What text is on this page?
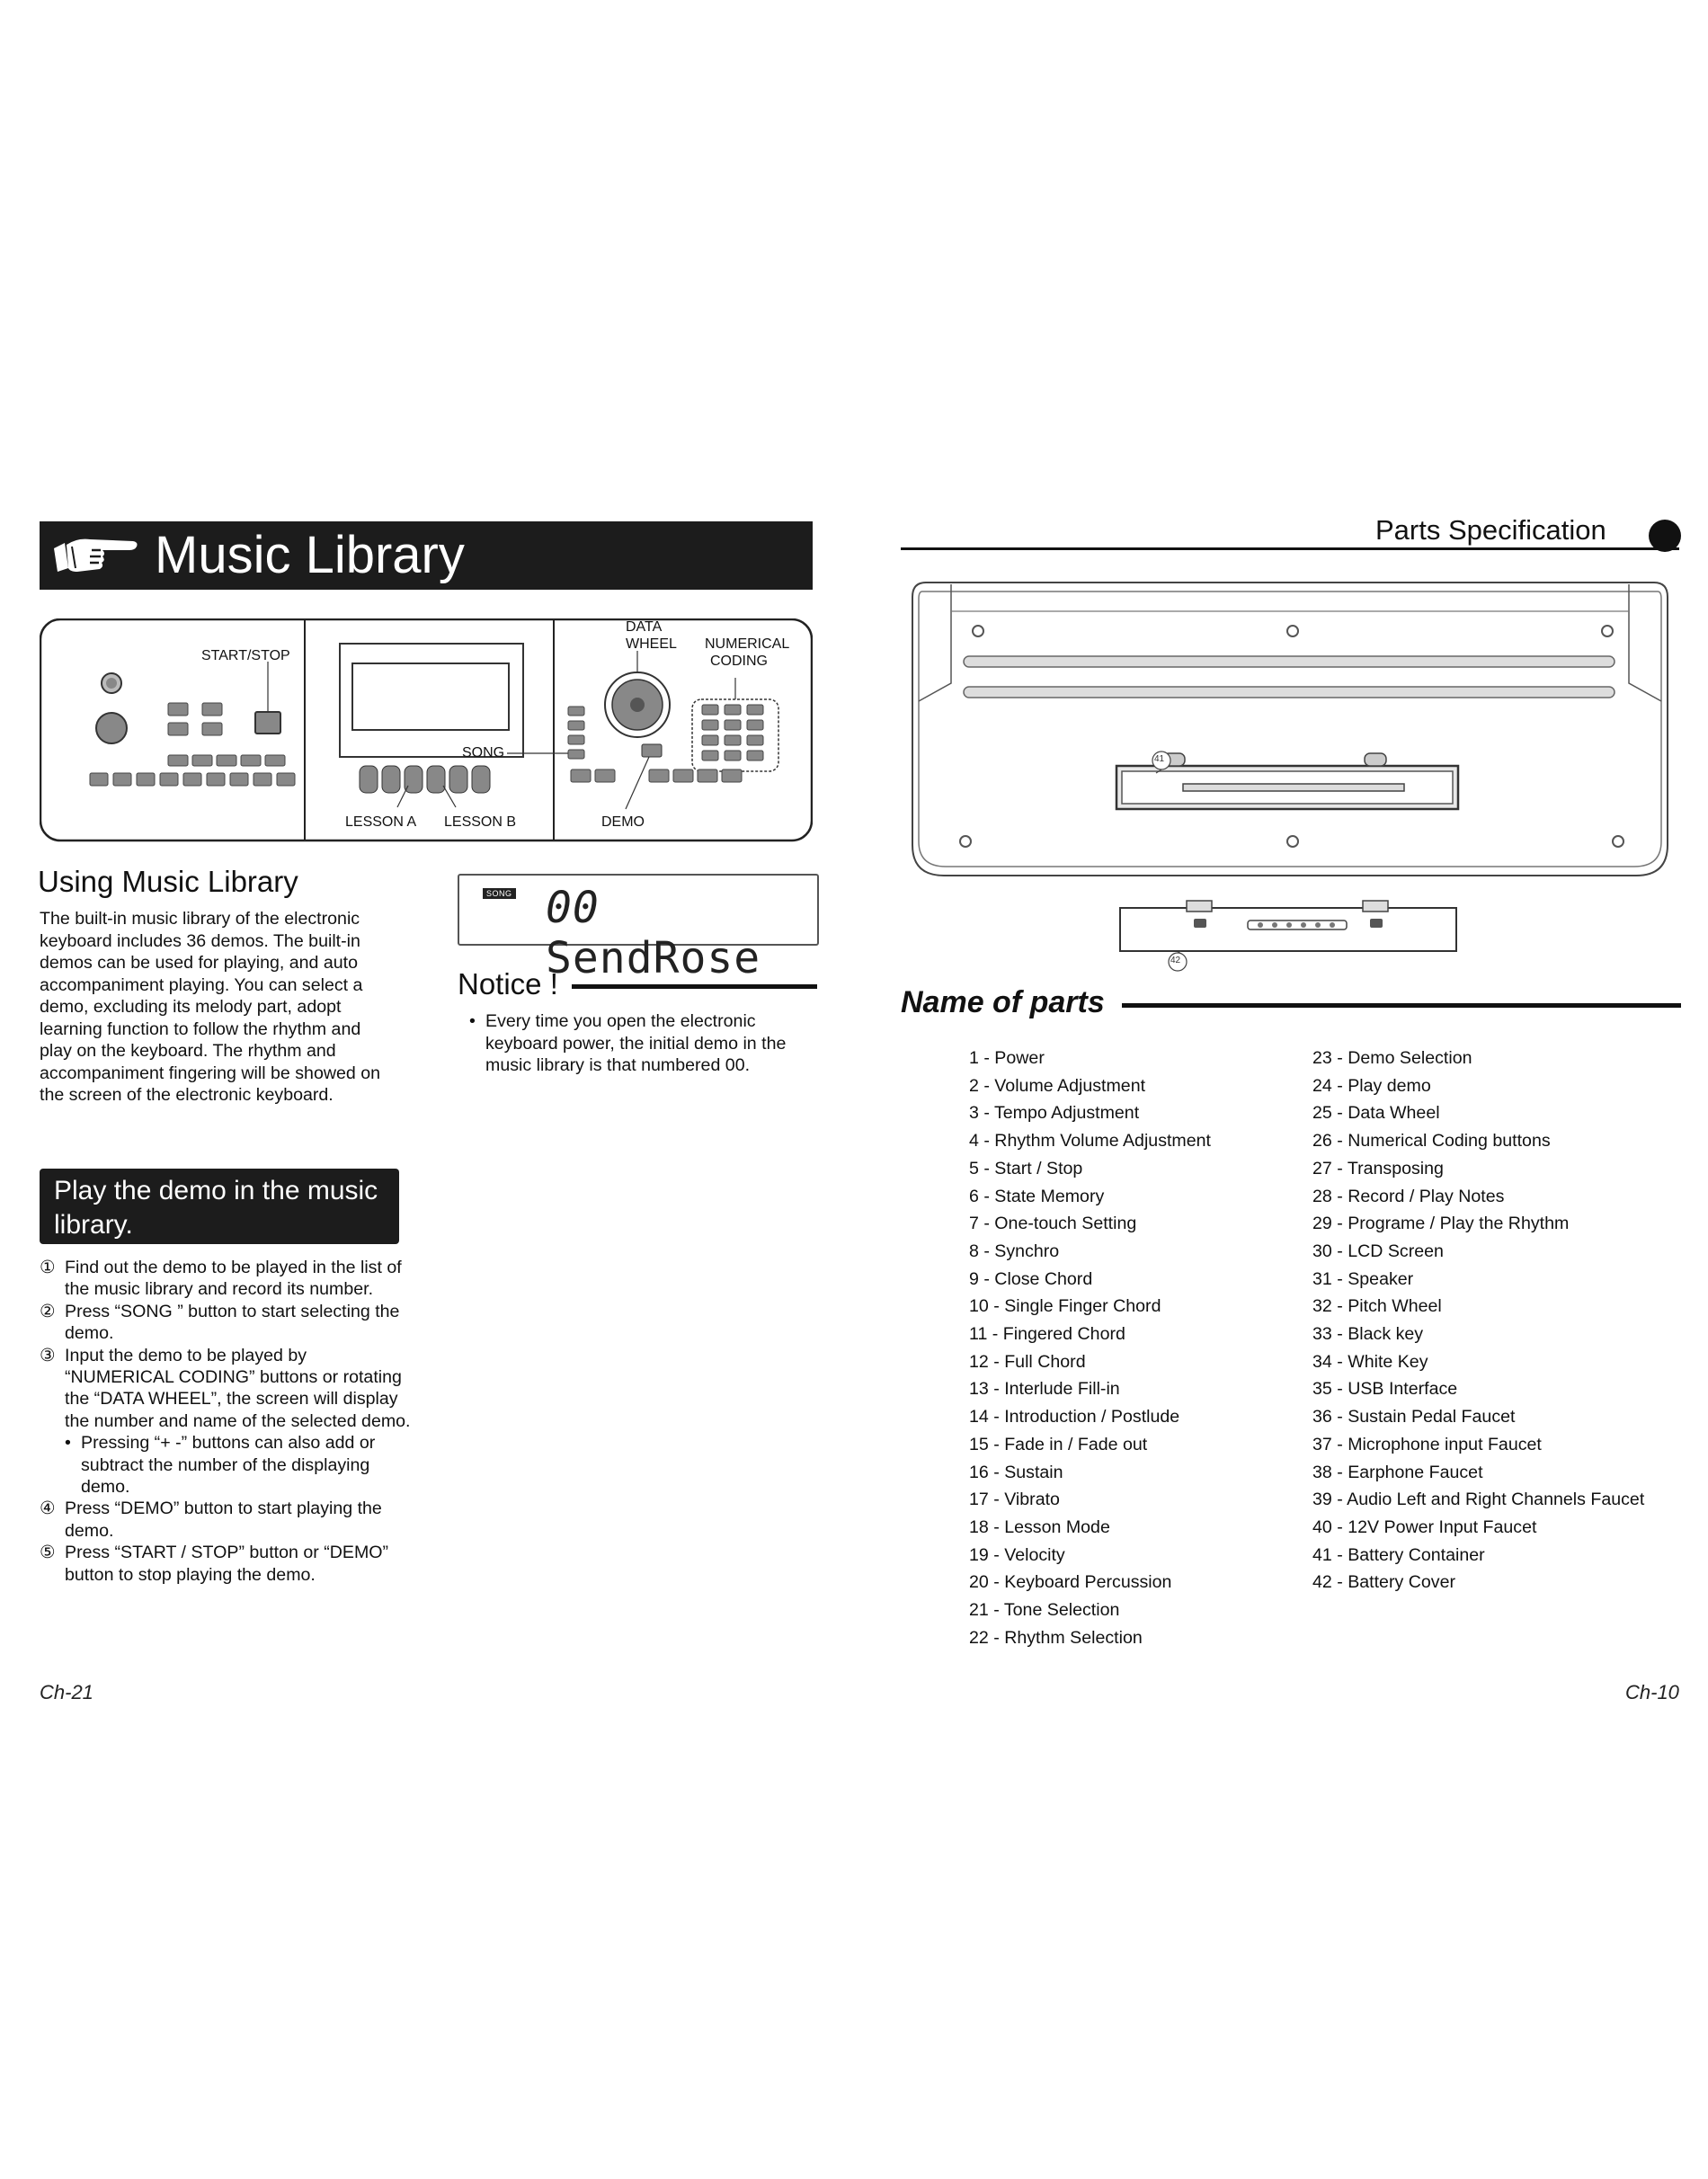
Music Library
START/STOP
DATA
WHEEL NUMERICAL
CODING
SONG
LESSON A LESSON B	DEMO
Using Music Library
The built-in music library of the electronic keyboard includes 36 demos. The built-in demos can be used for playing, and auto accompaniment playing. You can select a demo, excluding its melody part, adopt learning function to follow the rhythm and play on the keyboard. The rhythm and accompaniment fingering will be showed on the screen of the electronic keyboard.
SONG 00 SendRose
Notice !
• Every time you open the electronic keyboard power, the initial demo in the music library is that numbered 00.
Play the demo in the music library.
① Find out the demo to be played in the list of the music library and record its number.
② Press “SONG ” button to start selecting the demo.
③ Input the demo to be played by “NUMERICAL CODING” buttons or rotating the “DATA WHEEL”, the screen will display the number and name of the selected demo.
• Pressing “+ -” buttons can also add or subtract the number of the displaying demo.
④ Press “DEMO” button to start playing the demo.
⑤ Press “START / STOP” button or “DEMO” button to stop playing the demo.
Ch-21
Parts Specification
41
42
Name of parts
1 - Power
2 - Volume Adjustment
3 - Tempo Adjustment
4 - Rhythm Volume Adjustment
5 - Start / Stop
6 - State Memory
7 - One-touch Setting
8 - Synchro
9 - Close Chord
10 - Single Finger Chord
11 - Fingered Chord
12 - Full Chord
13 - Interlude Fill-in
14 - Introduction / Postlude
15 - Fade in / Fade out
16 - Sustain
17 - Vibrato
18 - Lesson Mode
19 - Velocity
20 - Keyboard Percussion
21 - Tone Selection
22 - Rhythm Selection
23 - Demo Selection
24 - Play demo
25 - Data Wheel
26 - Numerical Coding buttons
27 - Transposing
28 - Record / Play Notes
29 - Programe / Play the Rhythm
30 - LCD Screen
31 - Speaker
32 - Pitch Wheel
33 - Black key
34 - White Key
35 - USB Interface
36 - Sustain Pedal Faucet
37 - Microphone input Faucet
38 - Earphone Faucet
39 - Audio Left and Right Channels Faucet
40 - 12V Power Input Faucet
41 - Battery Container
42 - Battery Cover
Ch-10
